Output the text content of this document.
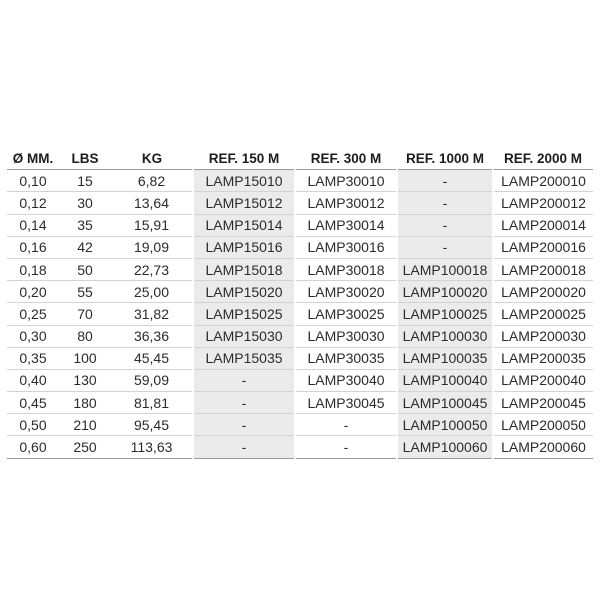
Ø MM.	LBS	KG	REF. 150 M	REF. 300 M	REF. 1000 M	REF. 2000 M
0,10	15	6,82	LAMP15010	LAMP30010	-	LAMP200010
0,12	30	13,64	LAMP15012	LAMP30012	-	LAMP200012
0,14	35	15,91	LAMP15014	LAMP30014	-	LAMP200014
0,16	42	19,09	LAMP15016	LAMP30016	-	LAMP200016
0,18	50	22,73	LAMP15018	LAMP30018	LAMP100018	LAMP200018
0,20	55	25,00	LAMP15020	LAMP30020	LAMP100020	LAMP200020
0,25	70	31,82	LAMP15025	LAMP30025	LAMP100025	LAMP200025
0,30	80	36,36	LAMP15030	LAMP30030	LAMP100030	LAMP200030
0,35	100	45,45	LAMP15035	LAMP30035	LAMP100035	LAMP200035
0,40	130	59,09	-	LAMP30040	LAMP100040	LAMP200040
0,45	180	81,81	-	LAMP30045	LAMP100045	LAMP200045
0,50	210	95,45	-	-	LAMP100050	LAMP200050
0,60	250	113,63	-	-	LAMP100060	LAMP200060
